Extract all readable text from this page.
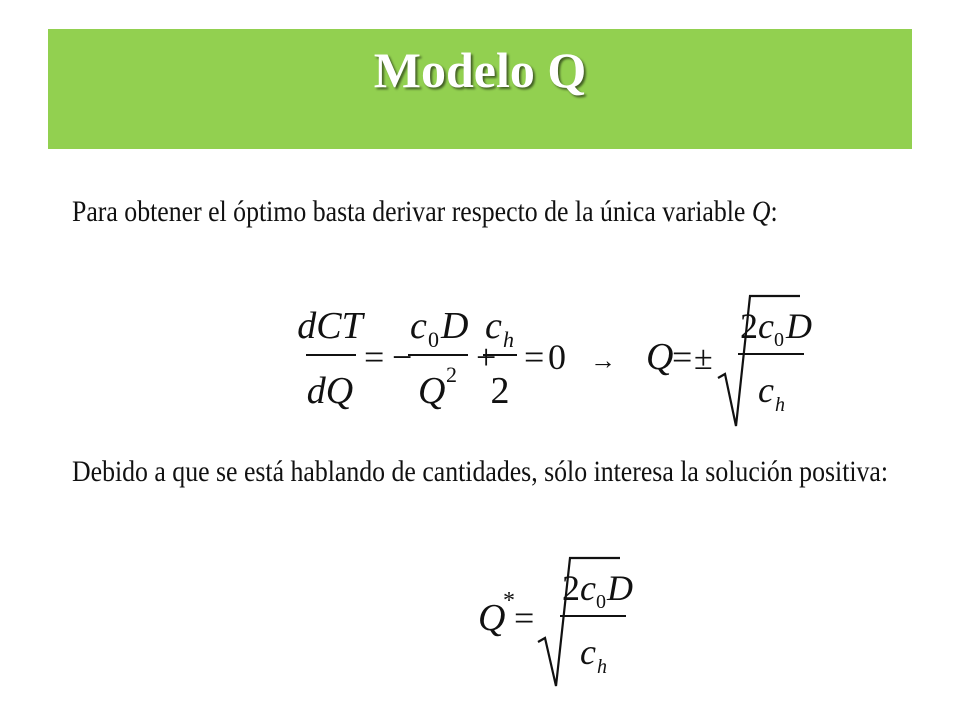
Modelo Q
Para obtener el óptimo basta derivar respecto de la única variable Q:
dCT
dQ
= −
c 0 D
Q 2 +
c h
2
= 0 → Q
= ±
2 c 0 D
c h
Debido a que se está hablando de cantidades, sólo interesa la solución positiva:
Q
* =
2 c 0 D
c h
